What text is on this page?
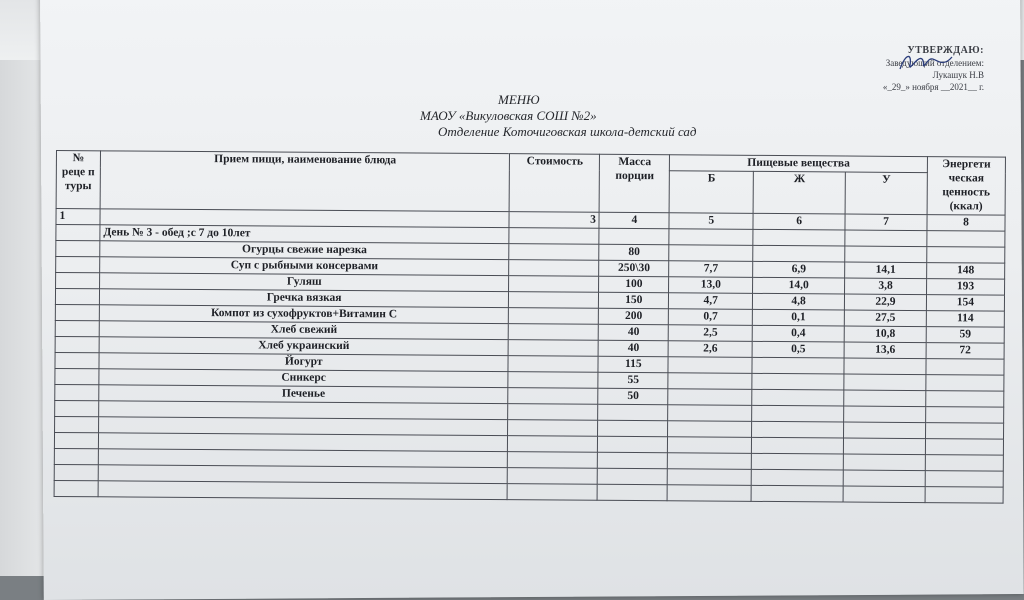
УТВЕРЖДАЮ:
Заведующий отделением:
Лукашук Н.В
«_29_» ноября __2021__ г.
МЕНЮ
МАОУ «Викуловская СОШ №2»
Отделение Коточиговская школа-детский сад
№ реце п туры	Прием пищи, наименование блюда	Стоимость	Масса порции	Пищевые вещества			Энергети ческая ценность (ккал)
				Б	Ж	У	
1		3	4	5	6	7	8
	День № 3 - обед ;с 7 до 10лет						
	Огурцы свежие нарезка		80				
	Суп с рыбными консервами		250\30	7,7	6,9	14,1	148
	Гуляш		100	13,0	14,0	3,8	193
	Гречка вязкая		150	4,7	4,8	22,9	154
	Компот из сухофруктов+Витамин С		200	0,7	0,1	27,5	114
	Хлеб свежий		40	2,5	0,4	10,8	59
	Хлеб украинский		40	2,6	0,5	13,6	72
	Йогурт		115				
	Сникерс		55				
	Печенье		50				
